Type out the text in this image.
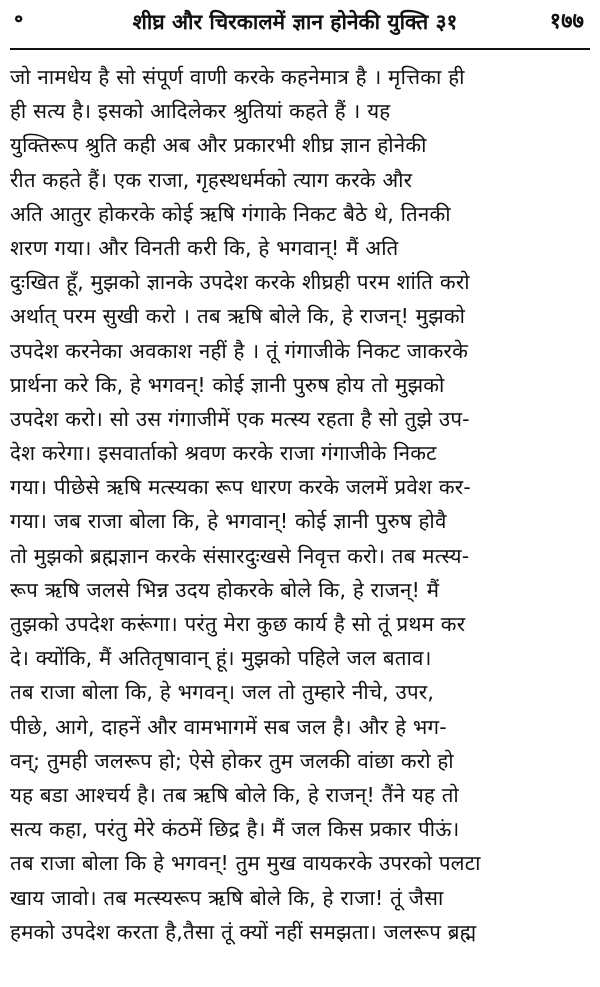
॰	शीघ्र और चिरकालमें ज्ञान होनेकी युक्ति ३१	१७७
जो नामधेय है सो संपूर्ण वाणी करके कहनेमात्र है । मृत्तिका ही
ही सत्य है। इसको आदिलेकर श्रुतियां कहते हैं । यह
युक्तिरूप श्रुति कही अब और प्रकारभी शीघ्र ज्ञान होनेकी
रीत कहते हैं। एक राजा, गृहस्थधर्मको त्याग करके और
अति आतुर होकरके कोई ऋषि गंगाके निकट बैठे थे, तिनकी
शरण गया। और विनती करी कि, हे भगवान्! मैं अति
दुःखित हूँ, मुझको ज्ञानके उपदेश करके शीघ्रही परम शांति करो
अर्थात् परम सुखी करो । तब ऋषि बोले कि, हे राजन्! मुझको
उपदेश करनेका अवकाश नहीं है । तूं गंगाजीके निकट जाकरके
प्रार्थना करे कि, हे भगवन्! कोई ज्ञानी पुरुष होय तो मुझको
उपदेश करो। सो उस गंगाजीमें एक मत्स्य रहता है सो तुझे उप-
देश करेगा। इसवार्ताको श्रवण करके राजा गंगाजीके निकट
गया। पीछेसे ऋषि मत्स्यका रूप धारण करके जलमें प्रवेश कर-
गया। जब राजा बोला कि, हे भगवान्! कोई ज्ञानी पुरुष होवै
तो मुझको ब्रह्मज्ञान करके संसारदुःखसे निवृत्त करो। तब मत्स्य-
रूप ऋषि जलसे भिन्न उदय होकरके बोले कि, हे राजन्! मैं
तुझको उपदेश करूंगा। परंतु मेरा कुछ कार्य है सो तूं प्रथम कर
दे। क्योंकि, मैं अतितृषावान् हूं। मुझको पहिले जल बताव।
तब राजा बोला कि, हे भगवन्। जल तो तुम्हारे नीचे, उपर,
पीछे, आगे, दाहनें और वामभागमें सब जल है। और हे भग-
वन्; तुमही जलरूप हो; ऐसे होकर तुम जलकी वांछा करो हो
यह बडा आश्चर्य है। तब ऋषि बोले कि, हे राजन्! तैंने यह तो
सत्य कहा, परंतु मेरे कंठमें छिद्र है। मैं जल किस प्रकार पीऊं।
तब राजा बोला कि हे भगवन्! तुम मुख वायकरके उपरको पलटा
खाय जावो। तब मत्स्यरूप ऋषि बोले कि, हे राजा! तूं जैसा
हमको उपदेश करता है,तैसा तूं क्यों नहीं समझता। जलरूप ब्रह्म
